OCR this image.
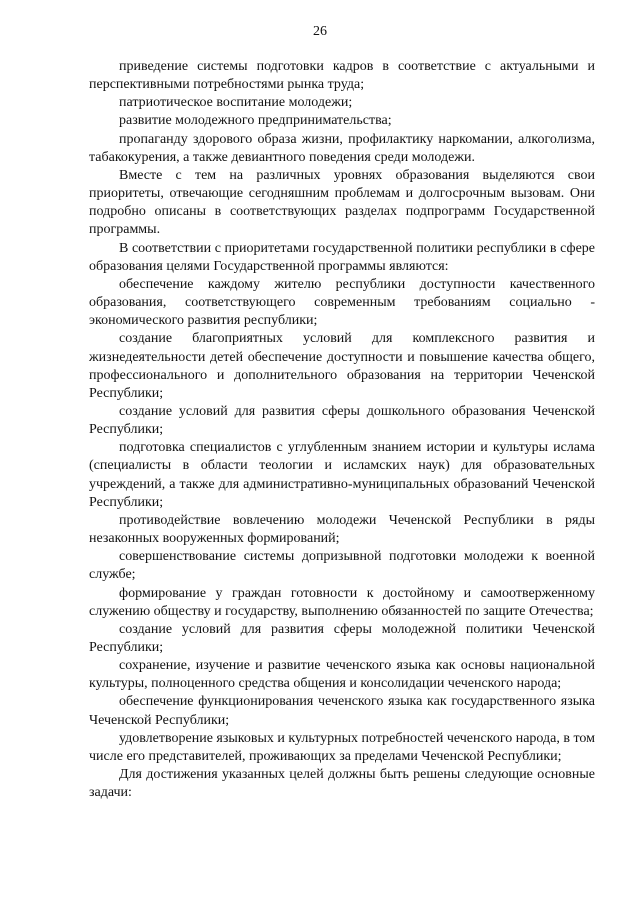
26

приведение системы подготовки кадров в соответствие с актуальными и перспективными потребностями рынка труда;

патриотическое воспитание молодежи;

развитие молодежного предпринимательства;

пропаганду здорового образа жизни, профилактику наркомании, алкоголизма, табакокурения, а также девиантного поведения среди молодежи.

Вместе с тем на различных уровнях образования выделяются свои приоритеты, отвечающие сегодняшним проблемам и долгосрочным вызовам. Они подробно описаны в соответствующих разделах подпрограмм Государственной программы.

В соответствии с приоритетами государственной политики республики в сфере образования целями Государственной программы являются:

обеспечение каждому жителю республики доступности качественного образования, соответствующего современным требованиям социально - экономического развития республики;

создание благоприятных условий для комплексного развития и жизнедеятельности детей обеспечение доступности и повышение качества общего, профессионального и дополнительного образования на территории Чеченской Республики;

создание условий для развития сферы дошкольного образования Чеченской Республики;

подготовка специалистов с углубленным знанием истории и культуры ислама (специалисты в области теологии и исламских наук) для образовательных учреждений, а также для административно-муниципальных образований Чеченской Республики;

противодействие вовлечению молодежи Чеченской Республики в ряды незаконных вооруженных формирований;

совершенствование системы допризывной подготовки молодежи к военной службе;

формирование у граждан готовности к достойному и самоотверженному служению обществу и государству, выполнению обязанностей по защите Отечества;

создание условий для развития сферы молодежной политики Чеченской Республики;

сохранение, изучение и развитие чеченского языка как основы национальной культуры, полноценного средства общения и консолидации чеченского народа;

обеспечение функционирования чеченского языка как государственного языка Чеченской Республики;

удовлетворение языковых и культурных потребностей чеченского народа, в том числе его представителей, проживающих за пределами Чеченской Республики;

Для достижения указанных целей должны быть решены следующие основные задачи:
